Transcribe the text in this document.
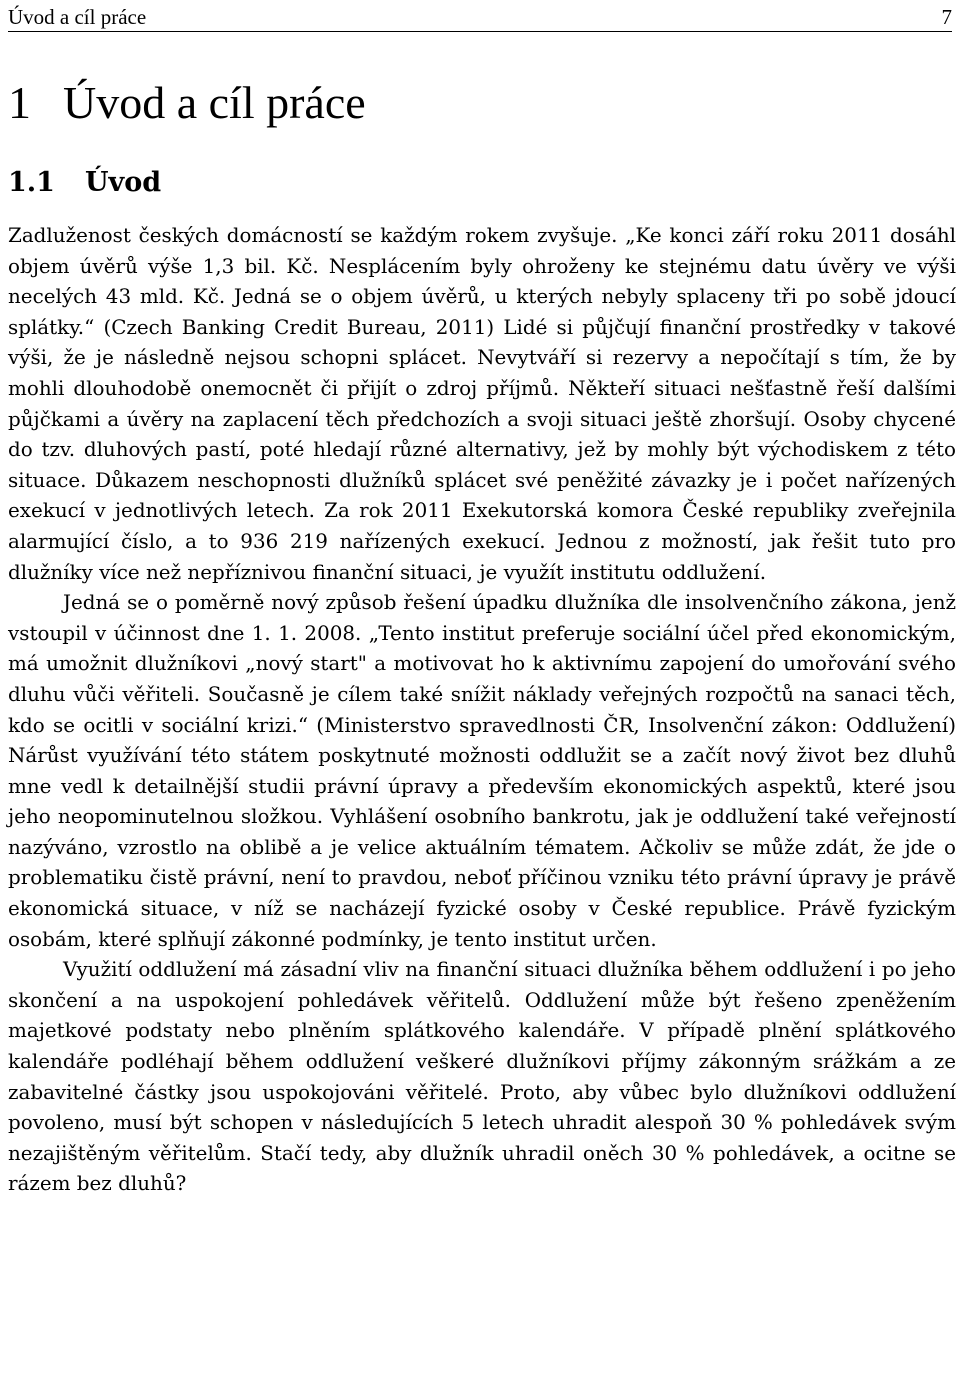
Úvod a cíl práce	7
1 Úvod a cíl práce
1.1 Úvod

Zadluženost českých domácností se každým rokem zvyšuje. „Ke konci září roku 2011 dosáhl objem úvěrů výše 1,3 bil. Kč. Nesplácením byly ohroženy ke stejnému datu úvěry ve výši necelých 43 mld. Kč. Jedná se o objem úvěrů, u kterých nebyly splaceny tři po sobě jdoucí splátky.“ (Czech Banking Credit Bureau, 2011) Lidé si půjčují finanční prostředky v takové výši, že je následně nejsou schopni splácet. Nevytváří si rezervy a nepočítají s tím, že by mohli dlouhodobě onemocnět či přijít o zdroj příjmů. Někteří situaci nešťastně řeší dalšími půjčkami a úvěry na zaplacení těch předchozích a svoji situaci ještě zhoršují. Osoby chycené do tzv. dluhových pastí, poté hledají různé alternativy, jež by mohly být východiskem z této situace. Důkazem neschopnosti dlužníků splácet své peněžité závazky je i počet nařízených exekucí v jednotlivých letech. Za rok 2011 Exekutorská komora České republiky zveřejnila alarmující číslo, a to 936 219 nařízených exekucí. Jednou z možností, jak řešit tuto pro dlužníky více než nepříznivou finanční situaci, je využít institutu oddlužení.

Jedná se o poměrně nový způsob řešení úpadku dlužníka dle insolvenčního zákona, jenž vstoupil v účinnost dne 1. 1. 2008. „Tento institut preferuje sociální účel před ekonomickým, má umožnit dlužníkovi „nový start" a motivovat ho k aktivnímu zapojení do umořování svého dluhu vůči věřiteli. Současně je cílem také snížit náklady veřejných rozpočtů na sanaci těch, kdo se ocitli v sociální krizi.“ (Ministerstvo spravedlnosti ČR, Insolvenční zákon: Oddlužení) Nárůst využívání této státem poskytnuté možnosti oddlužit se a začít nový život bez dluhů mne vedl k detailnější studii právní úpravy a především ekonomických aspektů, které jsou jeho neopominutelnou složkou. Vyhlášení osobního bankrotu, jak je oddlužení také veřejností nazýváno, vzrostlo na oblibě a je velice aktuálním tématem. Ačkoliv se může zdát, že jde o problematiku čistě právní, není to pravdou, neboť příčinou vzniku této právní úpravy je právě ekonomická situace, v níž se nacházejí fyzické osoby v České republice. Právě fyzickým osobám, které splňují zákonné podmínky, je tento institut určen.

Využití oddlužení má zásadní vliv na finanční situaci dlužníka během oddlužení i po jeho skončení a na uspokojení pohledávek věřitelů. Oddlužení může být řešeno zpeněžením majetkové podstaty nebo plněním splátkového kalendáře. V případě plnění splátkového kalendáře podléhají během oddlužení veškeré dlužníkovi příjmy zákonným srážkám a ze zabavitelné částky jsou uspokojováni věřitelé. Proto, aby vůbec bylo dlužníkovi oddlužení povoleno, musí být schopen v následujících 5 letech uhradit alespoň 30 % pohledávek svým nezajištěným věřitelům. Stačí tedy, aby dlužník uhradil oněch 30 % pohledávek, a ocitne se rázem bez dluhů?
